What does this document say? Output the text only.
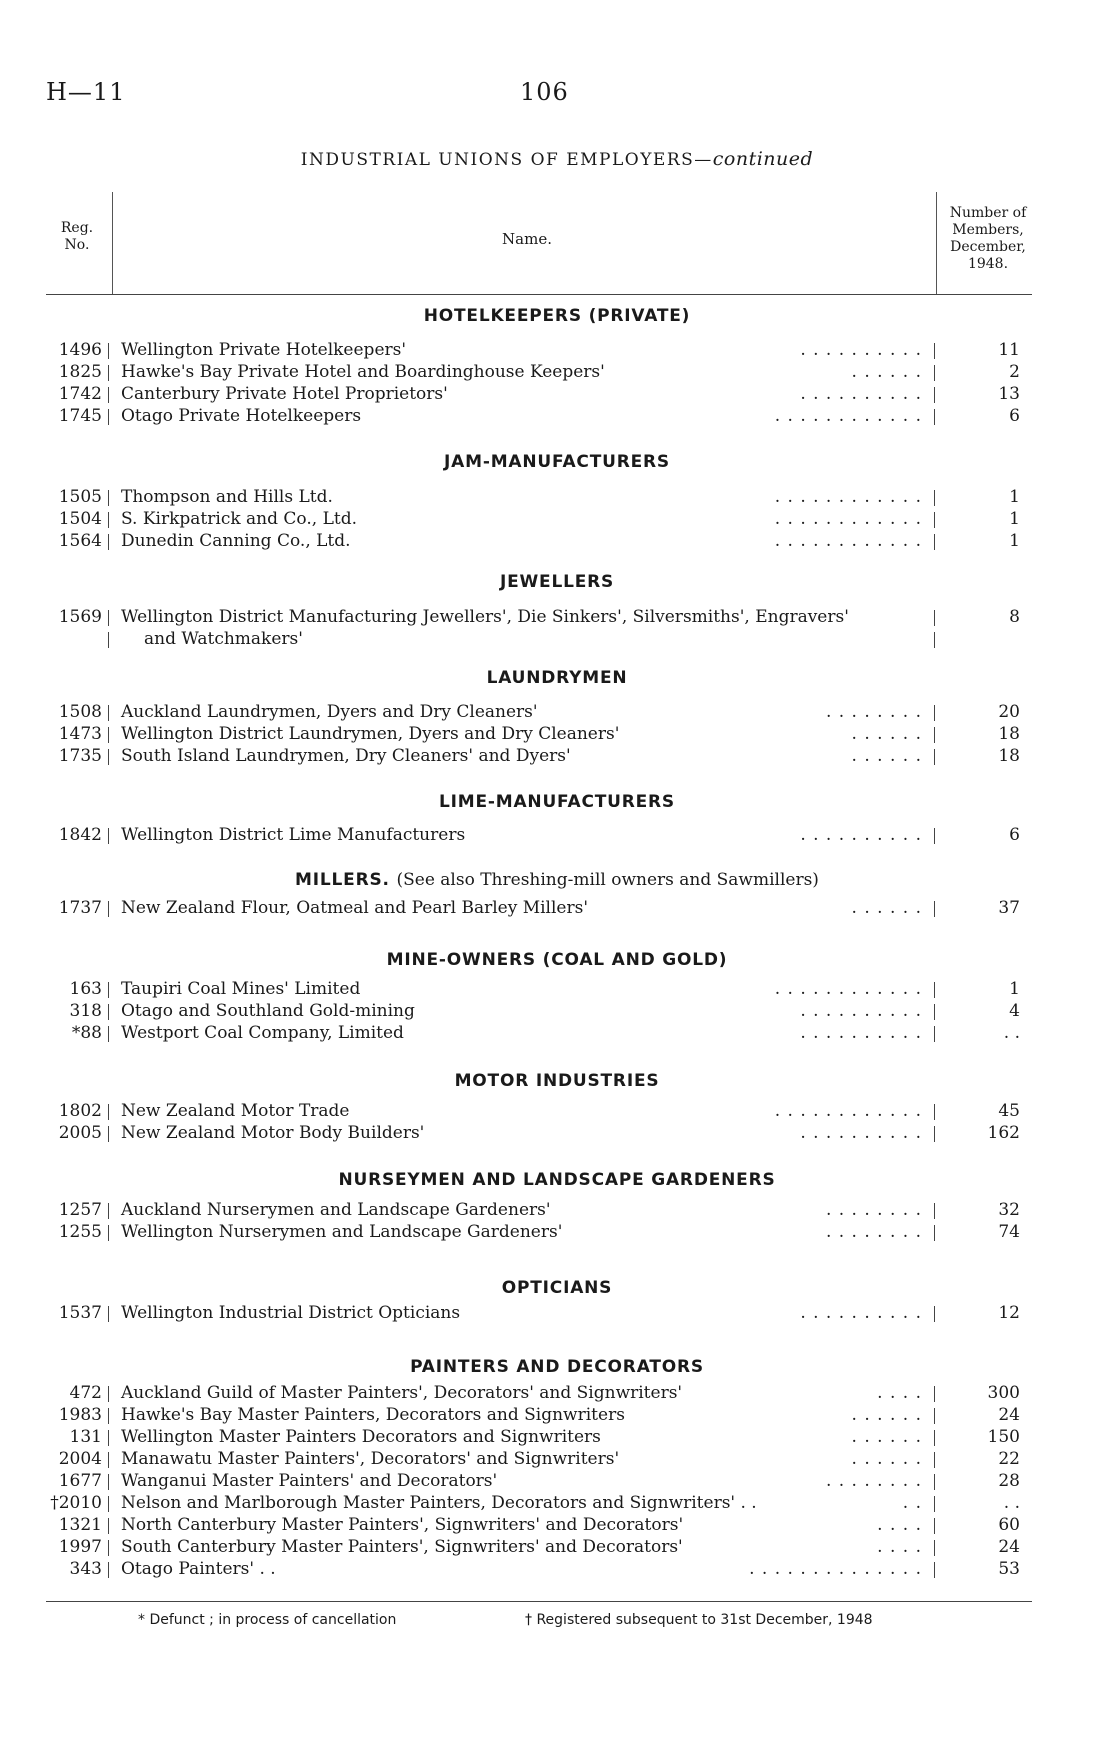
H—11	106
INDUSTRIAL UNIONS OF EMPLOYERS—continued
Reg.
No.	Name.
Number of
Members,
December,
1948.
HOTELKEEPERS (PRIVATE)
1496 Wellington Private Hotelkeepers'	. . . . . . . . . .	11
1825 Hawke's Bay Private Hotel and Boardinghouse Keepers'	. . . . . .	2
1742 Canterbury Private Hotel Proprietors'	. . . . . . . . . .	13
1745 Otago Private Hotelkeepers	. . . . . . . . . . . .	6
JAM-MANUFACTURERS
1505 Thompson and Hills Ltd.	. . . . . . . . . . . .	1
1504 S. Kirkpatrick and Co., Ltd.	. . . . . . . . . . . .	1
1564 Dunedin Canning Co., Ltd.	. . . . . . . . . . . .	1
JEWELLERS
1569 Wellington District Manufacturing Jewellers', Die Sinkers', Silversmiths', Engravers'	8
and Watchmakers'
LAUNDRYMEN
1508 Auckland Laundrymen, Dyers and Dry Cleaners'	. . . . . . . .	20
1473 Wellington District Laundrymen, Dyers and Dry Cleaners'	. . . . . .	18
1735 South Island Laundrymen, Dry Cleaners' and Dyers'	. . . . . .	18
LIME-MANUFACTURERS
1842 Wellington District Lime Manufacturers	. . . . . . . . . .	6
MILLERS. (See also Threshing-mill owners and Sawmillers)
1737 New Zealand Flour, Oatmeal and Pearl Barley Millers'	. . . . . .	37
MINE-OWNERS (COAL AND GOLD)
163 Taupiri Coal Mines' Limited	. . . . . . . . . . . .	1
318 Otago and Southland Gold-mining	. . . . . . . . . .	4
*88 Westport Coal Company, Limited	. . . . . . . . . .	. .
MOTOR INDUSTRIES
1802 New Zealand Motor Trade	. . . . . . . . . . . .	45
2005 New Zealand Motor Body Builders'	. . . . . . . . . .	162
NURSEYMEN AND LANDSCAPE GARDENERS
1257 Auckland Nurserymen and Landscape Gardeners'	. . . . . . . .	32
1255 Wellington Nurserymen and Landscape Gardeners'	. . . . . . . .	74
OPTICIANS
1537 Wellington Industrial District Opticians	. . . . . . . . . .	12
PAINTERS AND DECORATORS
472 Auckland Guild of Master Painters', Decorators' and Signwriters'	. . . .	300
1983 Hawke's Bay Master Painters, Decorators and Signwriters	. . . . . .	24
131 Wellington Master Painters Decorators and Signwriters	. . . . . .	150
2004 Manawatu Master Painters', Decorators' and Signwriters'	. . . . . .	22
1677 Wanganui Master Painters' and Decorators'	. . . . . . . .	28
†2010 Nelson and Marlborough Master Painters, Decorators and Signwriters' . .	. .	. .
1321 North Canterbury Master Painters', Signwriters' and Decorators'	. . . .	60
1997 South Canterbury Master Painters', Signwriters' and Decorators'	. . . .	24
343 Otago Painters' . .	. . . . . . . . . . . . . .	53
* Defunct ; in process of cancellation	† Registered subsequent to 31st December, 1948
